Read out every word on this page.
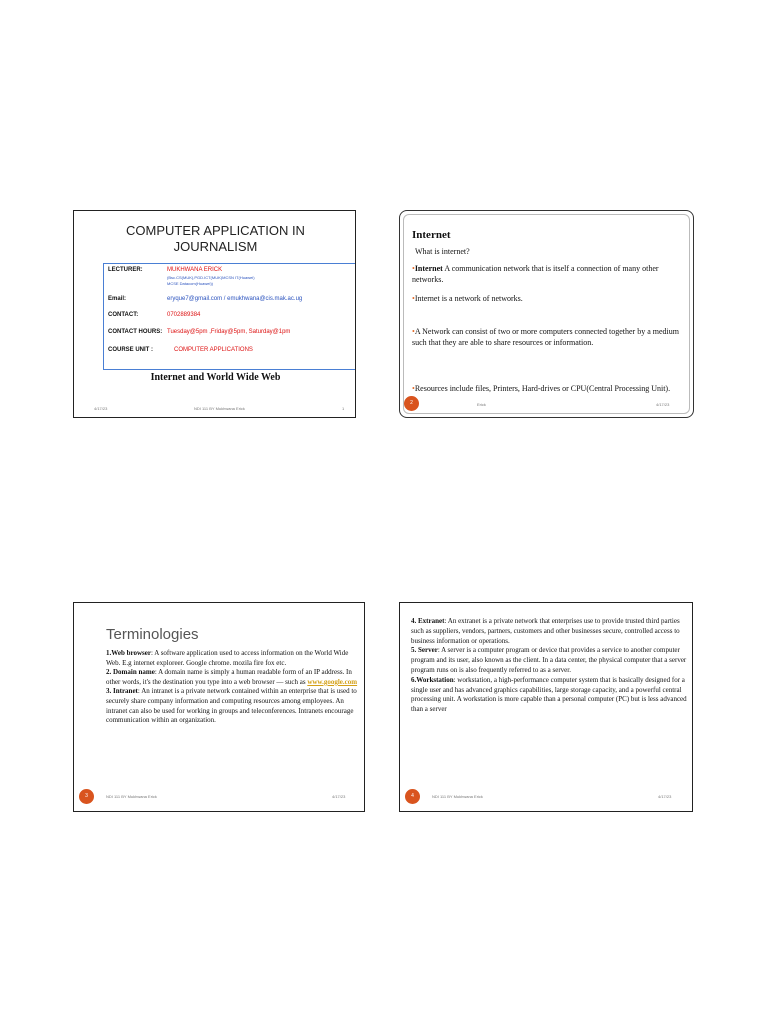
COMPUTER APPLICATION IN
JOURNALISM
LECTURER:	MUKHWANA ERICK
(Bsc.CS(MUK),PGD.ICT(MUK)MCSN IT(Huawei)
MCSE Datacom(Huawei))
Email:	eryque7@gmail.com / emukhwana@cis.mak.ac.ug
CONTACT:	0702889384
CONTACT HOURS: Tuesday@5pm ,Friday@5pm, Saturday@1pm
COURSE UNIT :	COMPUTER APPLICATIONS
Internet and World Wide Web
4/17/23	NDI 111 BY Mukhwana Erick	1
Internet
What is internet?
•Internet A communication network that is itself a connection of many other networks.
•Internet is a network of networks.
•A Network can consist of two or more computers connected together by a medium such that they are able to share resources or information.
•Resources include files, Printers, Hard-drives or CPU(Central Processing Unit).
2	Erick	4/17/23
Terminologies
1.Web browser: A software application used to access information on the World Wide Web. E.g internet exploreer. Google chrome. mozila fire fox etc.
2. Domain name: A domain name is simply a human readable form of an IP address. In other words, it's the destination you type into a web browser — such as www.google.com
3. Intranet: An intranet is a private network contained within an enterprise that is used to securely share company information and computing resources among employees. An intranet can also be used for working in groups and teleconferences. Intranets encourage communication within an organization.
3	NDI 111 BY Mukhwana Erick	4/17/23
4. Extranet: An extranet is a private network that enterprises use to provide trusted third parties such as suppliers, vendors, partners, customers and other businesses secure, controlled access to business information or operations.
5. Server: A server is a computer program or device that provides a service to another computer program and its user, also known as the client. In a data center, the physical computer that a server program runs on is also frequently referred to as a server.
6.Workstation: workstation, a high-performance computer system that is basically designed for a single user and has advanced graphics capabilities, large storage capacity, and a powerful central processing unit. A workstation is more capable than a personal computer (PC) but is less advanced than a server
4	NDI 111 BY Mukhwana Erick	4/17/23
